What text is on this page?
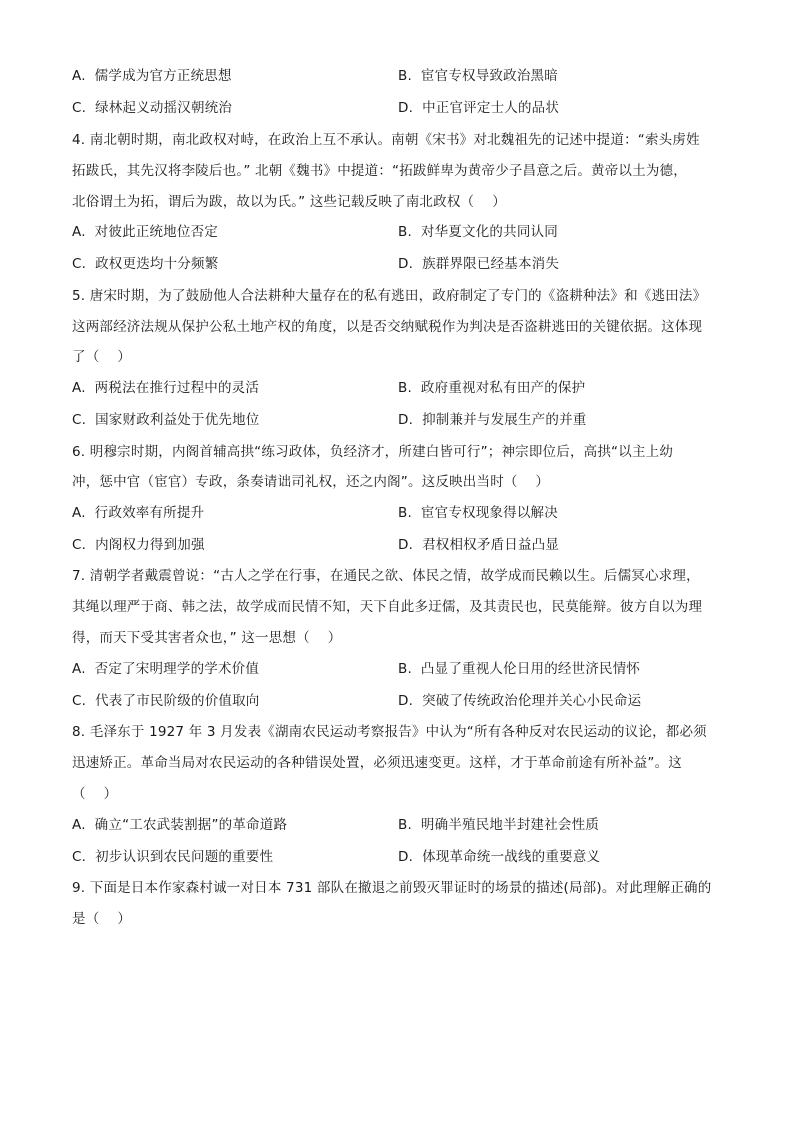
A.  儒学成为官方正统思想	B.  宦官专权导致政治黑暗
C.  绿林起义动摇汉朝统治	D.  中正官评定士人的品状
4. 南北朝时期，南北政权对峙，在政治上互不承认。南朝《宋书》对北魏祖先的记述中提道：“索头虏姓
拓跋氏，其先汉将李陵后也。” 北朝《魏书》中提道：“拓跋鲜卑为黄帝少子昌意之后。黄帝以土为德，
北俗谓土为拓，谓后为跋，故以为氏。” 这些记载反映了南北政权（    ）
A.  对彼此正统地位否定	B.  对华夏文化的共同认同
C.  政权更迭均十分频繁	D.  族群界限已经基本消失
5. 唐宋时期，为了鼓励他人合法耕种大量存在的私有逃田，政府制定了专门的《盗耕种法》和《逃田法》
这两部经济法规从保护公私土地产权的角度，以是否交纳赋税作为判决是否盗耕逃田的关键依据。这体现
了（    ）
A.  两税法在推行过程中的灵活	B.  政府重视对私有田产的保护
C.  国家财政利益处于优先地位	D.  抑制兼并与发展生产的并重
6. 明穆宗时期，内阁首辅高拱“练习政体，负经济才，所建白皆可行”；神宗即位后，高拱“以主上幼
冲，惩中官（宦官）专政，条奏请诎司礼权，还之内阁”。这反映出当时（    ）
A.  行政效率有所提升	B.  宦官专权现象得以解决
C.  内阁权力得到加强	D.  君权相权矛盾日益凸显
7. 清朝学者戴震曾说：“古人之学在行事，在通民之欲、体民之情，故学成而民赖以生。后儒冥心求理，
其绳以理严于商、韩之法，故学成而民情不知，天下自此多迂儒，及其责民也，民莫能辩。彼方自以为理
得，而天下受其害者众也，” 这一思想（    ）
A.  否定了宋明理学的学术价值	B.  凸显了重视人伦日用的经世济民情怀
C.  代表了市民阶级的价值取向	D.  突破了传统政治伦理并关心小民命运
8. 毛泽东于 1927 年 3 月发表《湖南农民运动考察报告》中认为“所有各种反对农民运动的议论，都必须
迅速矫正。革命当局对农民运动的各种错误处置，必须迅速变更。这样，才于革命前途有所补益”。这
（    ）
A.  确立“工农武装割据”的革命道路	B.  明确半殖民地半封建社会性质
C.  初步认识到农民问题的重要性	D.  体现革命统一战线的重要意义
9. 下面是日本作家森村诚一对日本 731 部队在撤退之前毁灭罪证时的场景的描述(局部)。对此理解正确的
是（    ）
